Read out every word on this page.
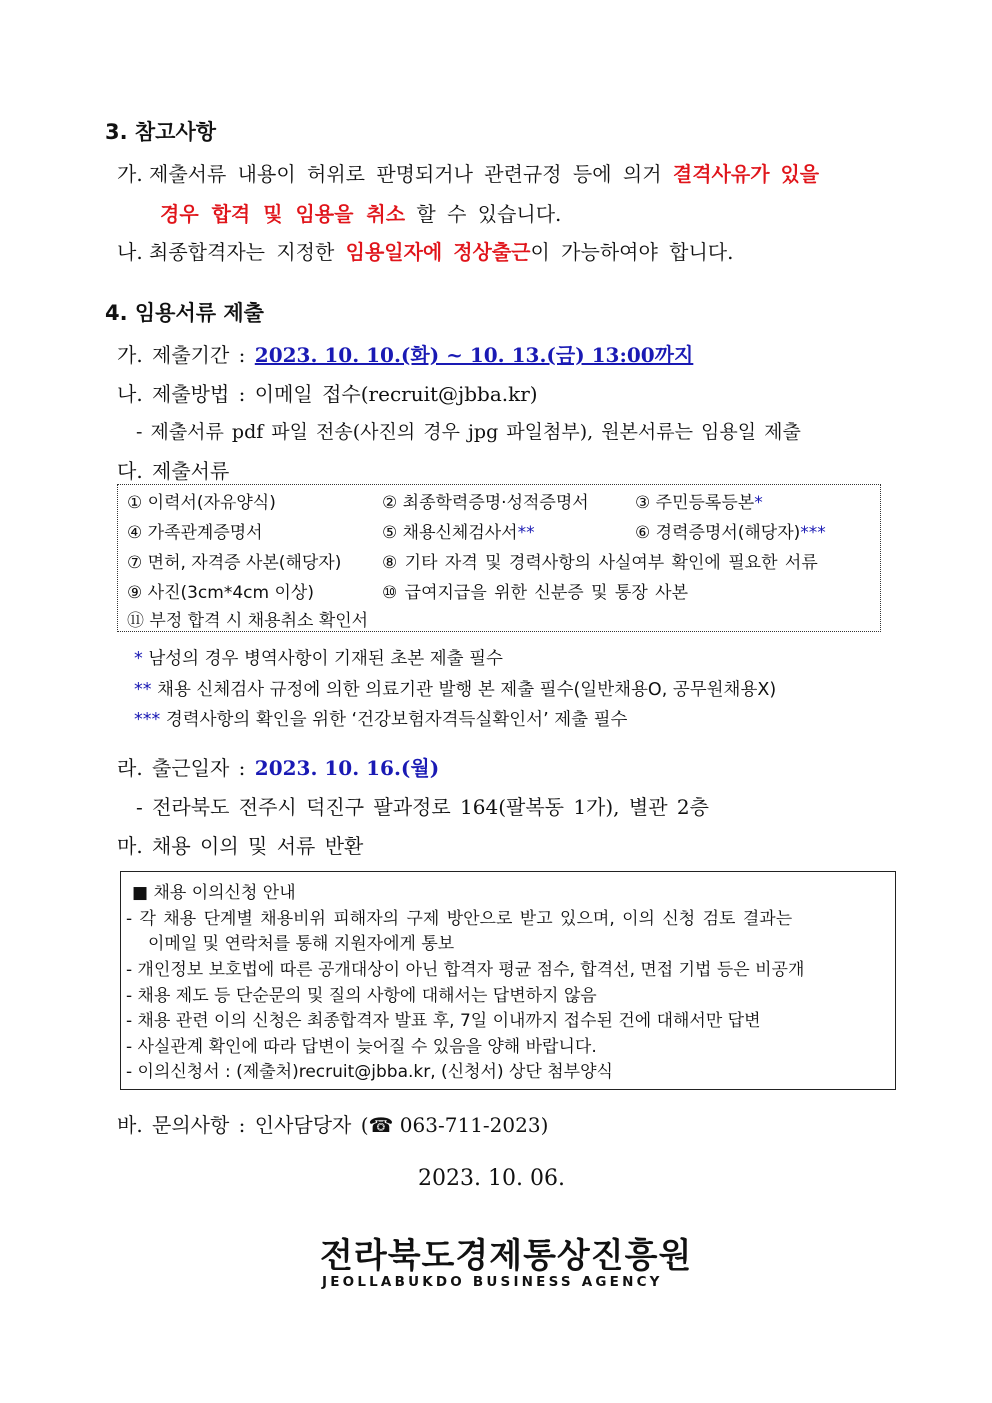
3. 참고사항
가. 제출서류 내용이 허위로 판명되거나 관련규정 등에 의거 결격사유가 있을
경우 합격 및 임용을 취소 할 수 있습니다.
나. 최종합격자는 지정한 임용일자에 정상출근이 가능하여야 합니다.
4. 임용서류 제출
가. 제출기간 : 2023. 10. 10.(화) ~ 10. 13.(금) 13:00까지
나. 제출방법 : 이메일 접수(recruit@jbba.kr)
- 제출서류 pdf 파일 전송(사진의 경우 jpg 파일첨부), 원본서류는 임용일 제출
다. 제출서류
① 이력서(자유양식)	② 최종학력증명·성적증명서	③ 주민등록등본*
④ 가족관계증명서	⑤ 채용신체검사서**	⑥ 경력증명서(해당자)***
⑦ 면허, 자격증 사본(해당자) ⑧ 기타 자격 및 경력사항의 사실여부 확인에 필요한 서류
⑨ 사진(3cm*4cm 이상)	⑩ 급여지급을 위한 신분증 및 통장 사본
⑪ 부정 합격 시 채용취소 확인서
* 남성의 경우 병역사항이 기재된 초본 제출 필수
** 채용 신체검사 규정에 의한 의료기관 발행 본 제출 필수(일반채용O, 공무원채용X)
*** 경력사항의 확인을 위한 ‘건강보험자격득실확인서’ 제출 필수
라. 출근일자 : 2023. 10. 16.(월)
- 전라북도 전주시 덕진구 팔과정로 164(팔복동 1가), 별관 2층
마. 채용 이의 및 서류 반환
■ 채용 이의신청 안내
- 각 채용 단계별 채용비위 피해자의 구제 방안으로 받고 있으며, 이의 신청 검토 결과는
이메일 및 연락처를 통해 지원자에게 통보
- 개인정보 보호법에 따른 공개대상이 아닌 합격자 평균 점수, 합격선, 면접 기법 등은 비공개
- 채용 제도 등 단순문의 및 질의 사항에 대해서는 답변하지 않음
- 채용 관련 이의 신청은 최종합격자 발표 후, 7일 이내까지 접수된 건에 대해서만 답변
- 사실관계 확인에 따라 답변이 늦어질 수 있음을 양해 바랍니다.
- 이의신청서 : (제출처)recruit@jbba.kr, (신청서) 상단 첨부양식
바. 문의사항 : 인사담당자 (☎ 063-711-2023)
2023. 10. 06.
전라북도경제통상진흥원
JEOLLABUKDO BUSINESS AGENCY
